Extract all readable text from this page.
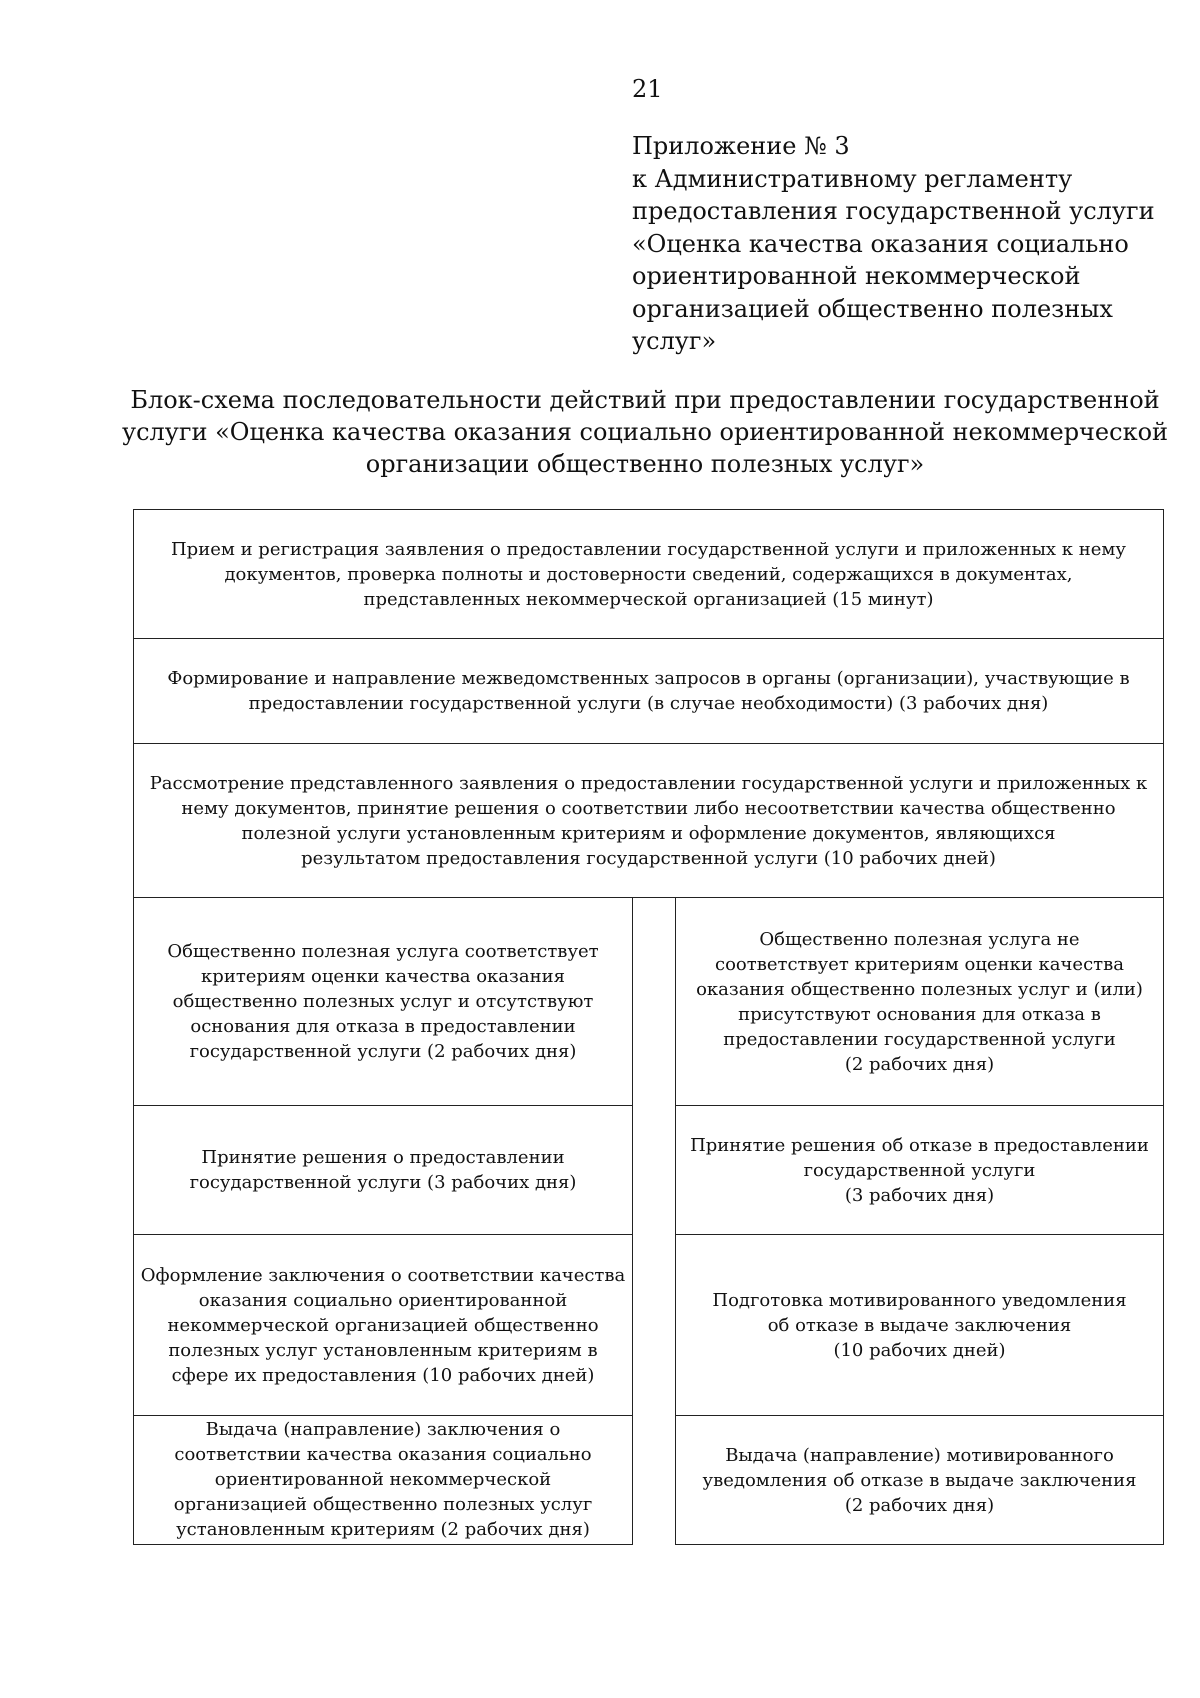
21
Приложение № 3
к Административному регламенту
предоставления государственной услуги
«Оценка качества оказания социально
ориентированной некоммерческой
организацией общественно полезных
услуг»
Блок-схема последовательности действий при предоставлении государственной
услуги «Оценка качества оказания социально ориентированной некоммерческой
организации общественно полезных услуг»
Прием и регистрация заявления о предоставлении государственной услуги и приложенных к нему
документов, проверка полноты и достоверности сведений, содержащихся в документах,
представленных некоммерческой организацией (15 минут)
Формирование и направление межведомственных запросов в органы (организации), участвующие в
предоставлении государственной услуги (в случае необходимости) (3 рабочих дня)
Рассмотрение представленного заявления о предоставлении государственной услуги и приложенных к
нему документов, принятие решения о соответствии либо несоответствии качества общественно
полезной услуги установленным критериям и оформление документов, являющихся
результатом предоставления государственной услуги (10 рабочих дней)
Общественно полезная услуга соответствует
критериям оценки качества оказания
общественно полезных услуг и отсутствуют
основания для отказа в предоставлении
государственной услуги (2 рабочих дня)
Принятие решения о предоставлении
государственной услуги (3 рабочих дня)
Оформление заключения о соответствии качества
оказания социально ориентированной
некоммерческой организацией общественно
полезных услуг установленным критериям в
сфере их предоставления (10 рабочих дней)
Выдача (направление) заключения о
соответствии качества оказания социально
ориентированной некоммерческой
организацией общественно полезных услуг
установленным критериям (2 рабочих дня)
Общественно полезная услуга не
соответствует критериям оценки качества
оказания общественно полезных услуг и (или)
присутствуют основания для отказа в
предоставлении государственной услуги
(2 рабочих дня)
Принятие решения об отказе в предоставлении
государственной услуги
(3 рабочих дня)
Подготовка мотивированного уведомления
об отказе в выдаче заключения
(10 рабочих дней)
Выдача (направление) мотивированного
уведомления об отказе в выдаче заключения
(2 рабочих дня)
